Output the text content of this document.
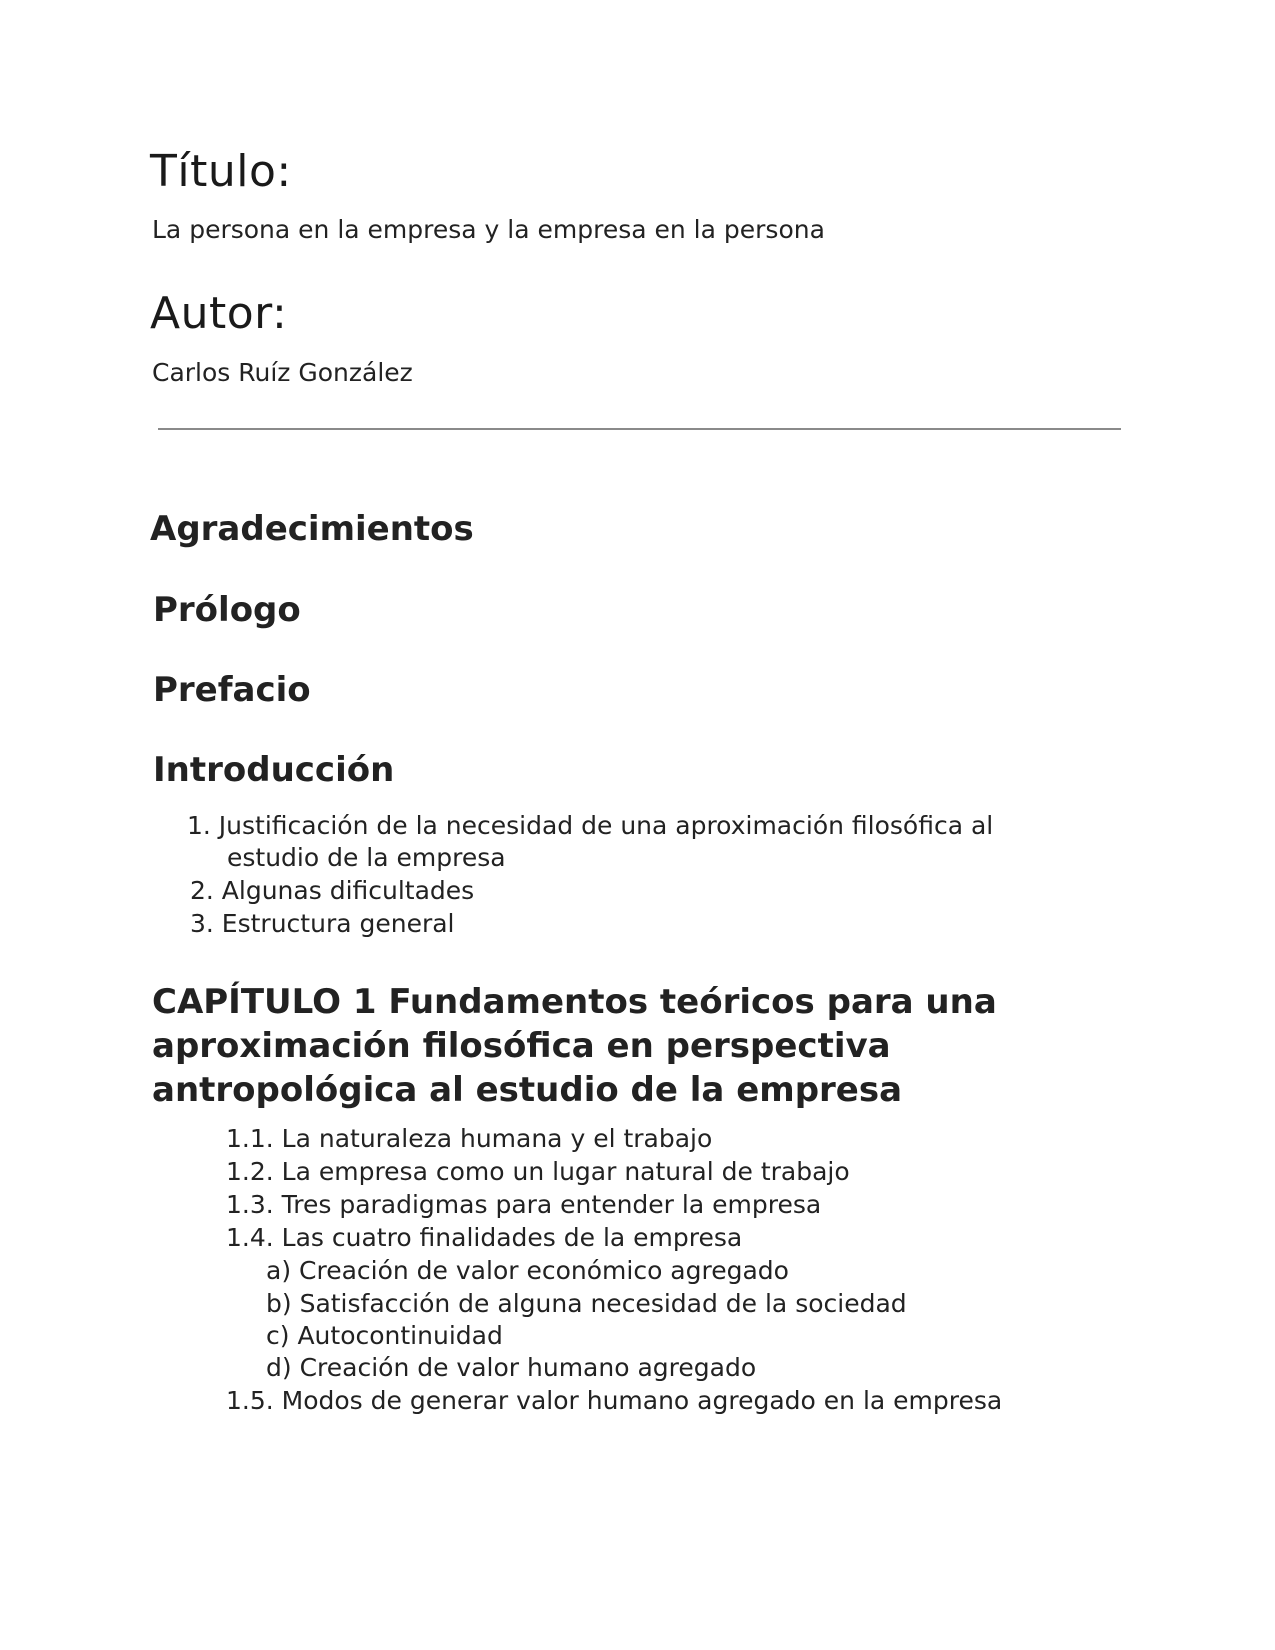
Título:

La persona en la empresa y la empresa en la persona

Autor:

Carlos Ruíz González

Agradecimientos
Prólogo
Prefacio
Introducción

1. Justificación de la necesidad de una aproximación filosófica al

estudio de la empresa

2. Algunas dificultades

3. Estructura general

CAPÍTULO 1 Fundamentos teóricos para una aproximación filosófica en perspectiva antropológica al estudio de la empresa

1.1. La naturaleza humana y el trabajo

1.2. La empresa como un lugar natural de trabajo

1.3. Tres paradigmas para entender la empresa

1.4. Las cuatro finalidades de la empresa

a) Creación de valor económico agregado

b) Satisfacción de alguna necesidad de la sociedad

c) Autocontinuidad

d) Creación de valor humano agregado

1.5. Modos de generar valor humano agregado en la empresa
